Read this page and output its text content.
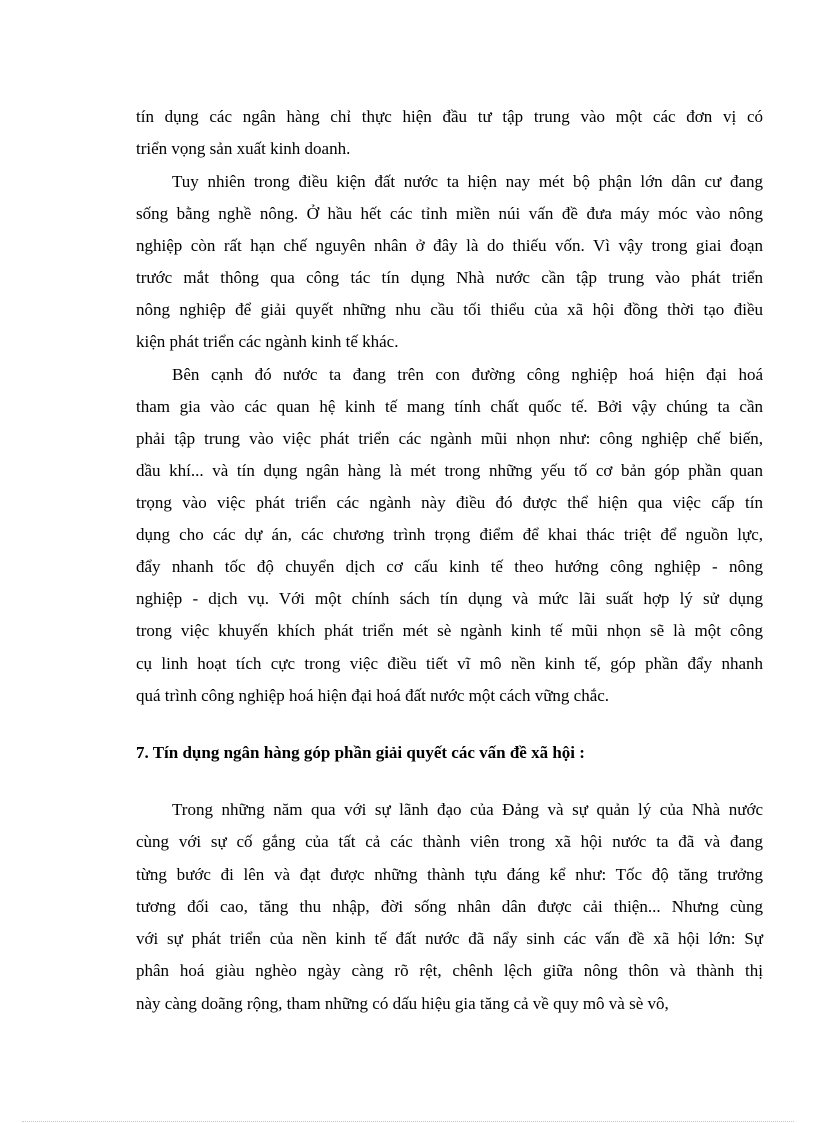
tín dụng các ngân hàng chỉ thực hiện đầu tư tập trung vào một các đơn vị có
triển vọng sản xuất kinh doanh.
Tuy nhiên trong điều kiện đất nước ta hiện nay mét bộ phận lớn dân cư đang
sống bằng nghề nông. Ở hầu hết các tỉnh miền núi vấn đề đưa máy móc vào nông
nghiệp còn rất hạn chế nguyên nhân ở đây là do thiếu vốn. Vì vậy trong giai đoạn
trước mắt thông qua công tác tín dụng Nhà nước cần tập trung vào phát triển
nông nghiệp để giải quyết những nhu cầu tối thiểu của xã hội đồng thời tạo điều
kiện phát triển các ngành kinh tế khác.
Bên cạnh đó nước ta đang trên con đường công nghiệp hoá hiện đại hoá
tham gia vào các quan hệ kinh tế mang tính chất quốc tế. Bởi vậy chúng ta cần
phải tập trung vào việc phát triển các ngành mũi nhọn như: công nghiệp chế biến,
dầu khí... và tín dụng ngân hàng là mét trong những yếu tố cơ bản góp phần quan
trọng vào việc phát triển các ngành này điều đó được thể hiện qua việc cấp tín
dụng cho các dự án, các chương trình trọng điểm để khai thác triệt để nguồn lực,
đẩy nhanh tốc độ chuyển dịch cơ cấu kinh tế theo hướng công nghiệp - nông
nghiệp - dịch vụ. Với một chính sách tín dụng và mức lãi suất hợp lý sử dụng
trong việc khuyến khích phát triển mét sè ngành kinh tế mũi nhọn sẽ là một công
cụ linh hoạt tích cực trong việc điều tiết vĩ mô nền kinh tế, góp phần đẩy nhanh
quá trình công nghiệp hoá hiện đại hoá đất nước một cách vững chắc.
7. Tín dụng ngân hàng góp phần giải quyết các vấn đề xã hội :
Trong những năm qua với sự lãnh đạo của Đảng và sự quản lý của Nhà nước
cùng với sự cố gắng của tất cả các thành viên trong xã hội nước ta đã và đang
từng bước đi lên và đạt được những thành tựu đáng kể như: Tốc độ tăng trưởng
tương đối cao, tăng thu nhập, đời sống nhân dân được cải thiện... Nhưng cùng
với sự phát triển của nền kinh tế đất nước đã nẩy sinh các vấn đề xã hội lớn: Sự
phân hoá giàu nghèo ngày càng rõ rệt, chênh lệch giữa nông thôn và thành thị
này càng doãng rộng, tham những có dấu hiệu gia tăng cả về quy mô và sè vô,
